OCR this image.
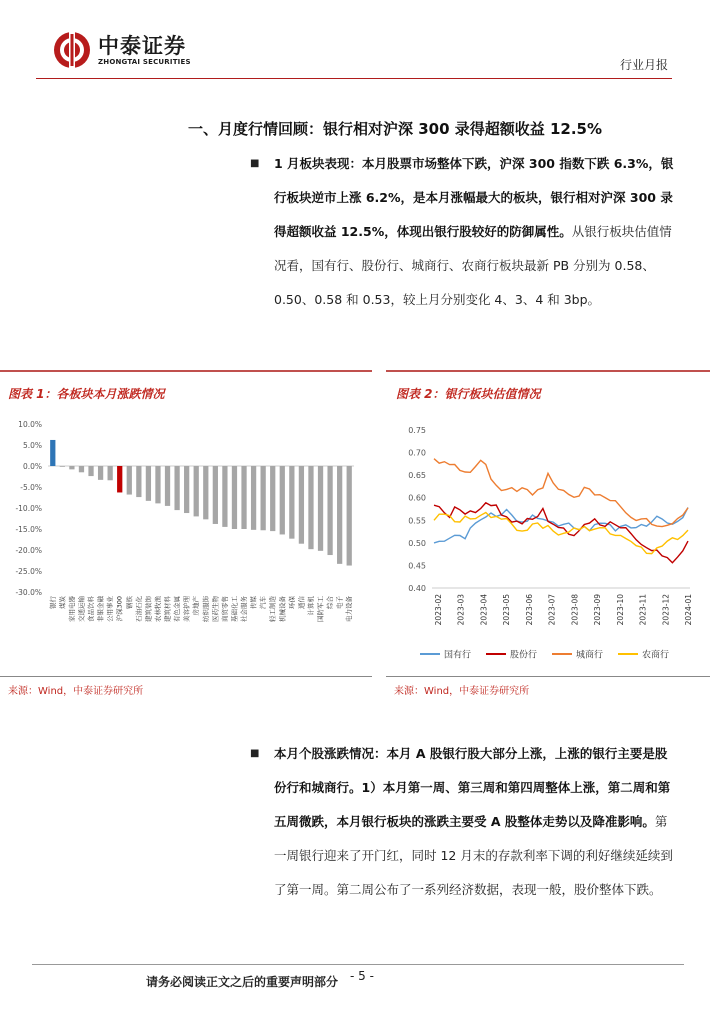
中泰证券
ZHONGTAI SECURITIES	行业月报
一、月度行情回顾：银行相对沪深 300 录得超额收益 12.5%
■ 1 月板块表现：本月股票市场整体下跌，沪深 300 指数下跌 6.3%，银行板块逆市上涨 6.2%，是本月涨幅最大的板块，银行相对沪深 300 录得超额收益 12.5%，体现出银行股较好的防御属性。从银行板块估值情况看，国有行、股份行、城商行、农商行板块最新 PB 分别为 0.58、0.50、0.58 和 0.53，较上月分别变化 4、3、4 和 3bp。
图表 1：各板块本月涨跌情况
10.0%
5.0%
0.0%
-5.0%
-10.0%
-15.0%
-20.0%
-25.0%
-30.0%
银行 煤炭 家用电器 交通运输 食品饮料 非银金融 公用事业 沪深300 钢铁 石油石化 建筑装饰 农林牧渔 建筑材料 有色金属 美容护理 房地产 纺织服饰 医药生物 商贸零售 基础化工 社会服务 传媒 汽车 轻工制造 机械设备 环保 通信 计算机 国防军工 综合 电子 电力设备
来源：Wind，中泰证券研究所
图表 2：银行板块估值情况
0.40
0.45
0.50
0.55
0.60
0.65
0.70
0.75
2023-02 2023-03 2023-04 2023-05 2023-06 2023-07 2023-08 2023-09 2023-10 2023-11 2023-12 2024-01
国有行	股份行	城商行	农商行
来源：Wind，中泰证券研究所
■ 本月个股涨跌情况：本月 A 股银行股大部分上涨，上涨的银行主要是股份行和城商行。1）本月第一周、第三周和第四周整体上涨，第二周和第五周微跌，本月银行板块的涨跌主要受 A 股整体走势以及降准影响。第一周银行迎来了开门红，同时 12 月末的存款利率下调的利好继续延续到了第一周。第二周公布了一系列经济数据，表现一般，股价整体下跌。
请务必阅读正文之后的重要声明部分 - 5 -
